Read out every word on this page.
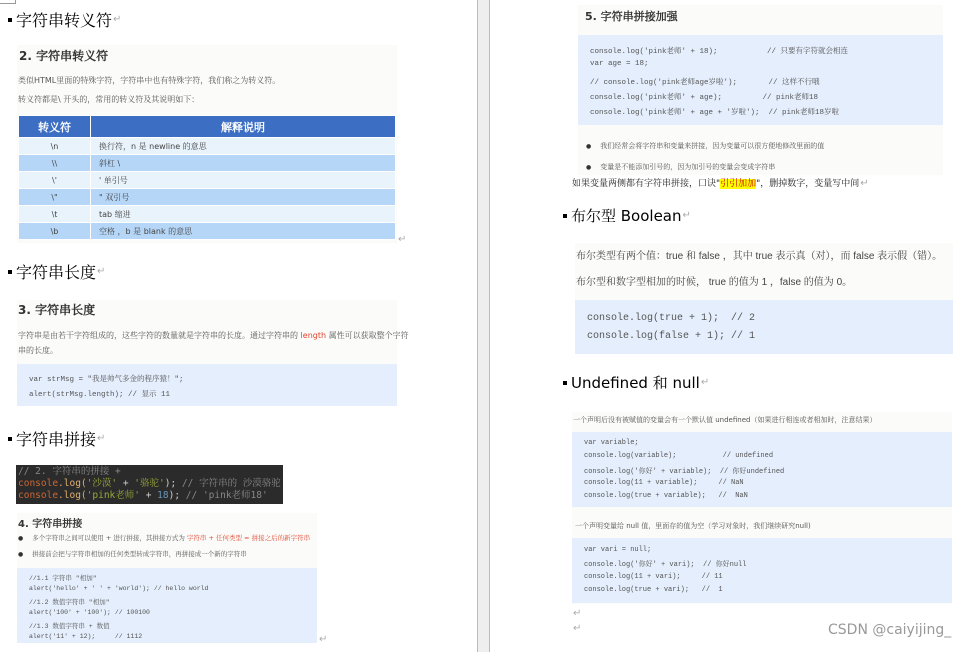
字符串转义符 ↵
2. 字符串转义符
类似HTML里面的特殊字符，字符串中也有特殊字符，我们称之为转义符。
转义符都是\ 开头的，常用的转义符及其说明如下：
转义符	解释说明
\n	换行符，n 是 newline 的意思
\\	斜杠 \
\'	' 单引号
\"	" 双引号
\t	tab 缩进
\b	空格 ，b 是 blank 的意思
↵
字符串长度 ↵
3. 字符串长度
字符串是由若干字符组成的，这些字符的数量就是字符串的长度。通过字符串的 length 属性可以获取整个字符
串的长度。
var strMsg = "我是帅气多金的程序猿！";
alert(strMsg.length); // 显示 11
字符串拼接 ↵
// 2. 字符串的拼接 +
console.log('沙漠' + '骆驼'); // 字符串的 沙漠骆驼
console.log('pink老师' + 18); // 'pink老师18'
4. 字符串拼接
● 多个字符串之间可以使用 + 进行拼接，其拼接方式为 字符串 + 任何类型 = 拼接之后的新字符串
● 拼接前会把与字符串相加的任何类型转成字符串，再拼接成一个新的字符串
//1.1 字符串 "相加"
alert('hello' + ' ' + 'world'); // hello world
//1.2 数值字符串 "相加"
alert('100' + '100'); // 100100
//1.3 数值字符串 + 数值
alert('11' + 12);     // 1112	↵
5. 字符串拼接加强
console.log('pink老师' + 18);           // 只要有字符就会相连
var age = 18;
// console.log('pink老师age岁啦');       // 这样不行哦
console.log('pink老师' + age);         // pink老师18
console.log('pink老师' + age + '岁啦');  // pink老师18岁啦
● 我们经常会将字符串和变量来拼接，因为变量可以很方便地修改里面的值
● 变量是不能添加引号的，因为加引号的变量会变成字符串
如果变量两侧都有字符串拼接，口诀"引引加加"，删掉数字，变量写中间↵
布尔型 Boolean ↵
布尔类型有两个值：true 和 false ，其中 true 表示真（对），而 false 表示假（错）。
布尔型和数字型相加的时候， true 的值为 1 ，false 的值为 0。
console.log(true + 1);  // 2
console.log(false + 1); // 1
Undefined 和 null ↵
一个声明后没有被赋值的变量会有一个默认值 undefined（如果进行相连或者相加时，注意结果）
var variable;
console.log(variable);           // undefined
console.log('你好' + variable);  // 你好undefined
console.log(11 + variable);     // NaN
console.log(true + variable);   //  NaN
一个声明变量给 null 值，里面存的值为空（学习对象时，我们继续研究null)
var vari = null;
console.log('你好' + vari);  // 你好null
console.log(11 + vari);     // 11
console.log(true + vari);   //  1
↵
↵	CSDN @caiyijing_
